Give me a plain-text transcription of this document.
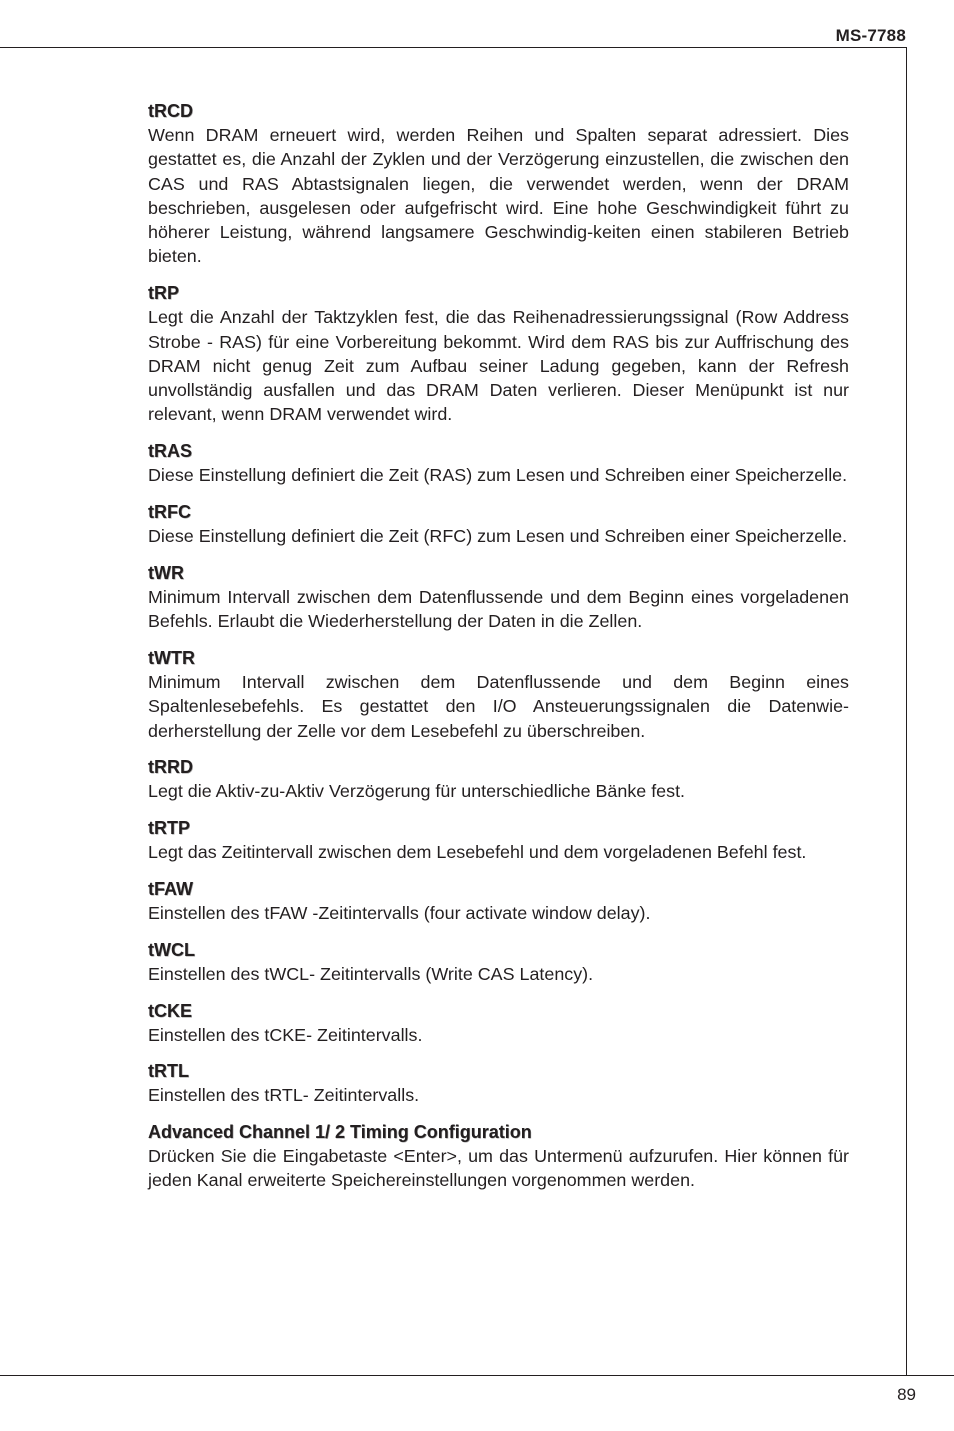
MS-7788
tRCD

Wenn DRAM erneuert wird, werden Reihen und Spalten separat adressiert. Dies gestattet es, die Anzahl der Zyklen und der Verzögerung einzustellen, die zwischen den CAS und RAS Abtastsignalen liegen, die verwendet werden, wenn der DRAM beschrieben, ausgelesen oder aufgefrischt wird. Eine hohe Geschwindigkeit führt zu höherer Leistung, während langsamere Geschwindig-keiten einen stabileren Betrieb bieten.

tRP

Legt die Anzahl der Taktzyklen fest, die das Reihenadressierungssignal (Row Address Strobe - RAS) für eine Vorbereitung bekommt. Wird dem RAS bis zur Auffrischung des DRAM nicht genug Zeit zum Aufbau seiner Ladung gegeben, kann der Refresh unvollständig ausfallen und das DRAM Daten verlieren. Dieser Menüpunkt ist nur relevant, wenn DRAM verwendet wird.

tRAS

Diese Einstellung definiert die Zeit (RAS) zum Lesen und Schreiben einer Speicherzelle.

tRFC

Diese Einstellung definiert die Zeit (RFC) zum Lesen und Schreiben einer Speicherzelle.

tWR

Minimum Intervall zwischen dem Datenflussende und dem Beginn eines vorgeladenen Befehls. Erlaubt die Wiederherstellung der Daten in die Zellen.

tWTR

Minimum Intervall zwischen dem Datenflussende und dem Beginn eines Spaltenlesebefehls. Es gestattet den I/O Ansteuerungssignalen die Datenwiederherstellung der Zelle vor dem Lesebefehl zu überschreiben.

tRRD

Legt die Aktiv-zu-Aktiv Verzögerung für unterschiedliche Bänke fest.

tRTP

Legt das Zeitintervall zwischen dem Lesebefehl und dem vorgeladenen Befehl fest.

tFAW

Einstellen des tFAW -Zeitintervalls (four activate window delay).

tWCL

Einstellen des tWCL- Zeitintervalls (Write CAS Latency).

tCKE

Einstellen des tCKE- Zeitintervalls.

tRTL

Einstellen des tRTL- Zeitintervalls.

Advanced Channel 1/ 2 Timing Configuration

Drücken Sie die Eingabetaste <Enter>, um das Untermenü aufzurufen. Hier können für jeden Kanal erweiterte Speichereinstellungen vorgenommen werden.

89
